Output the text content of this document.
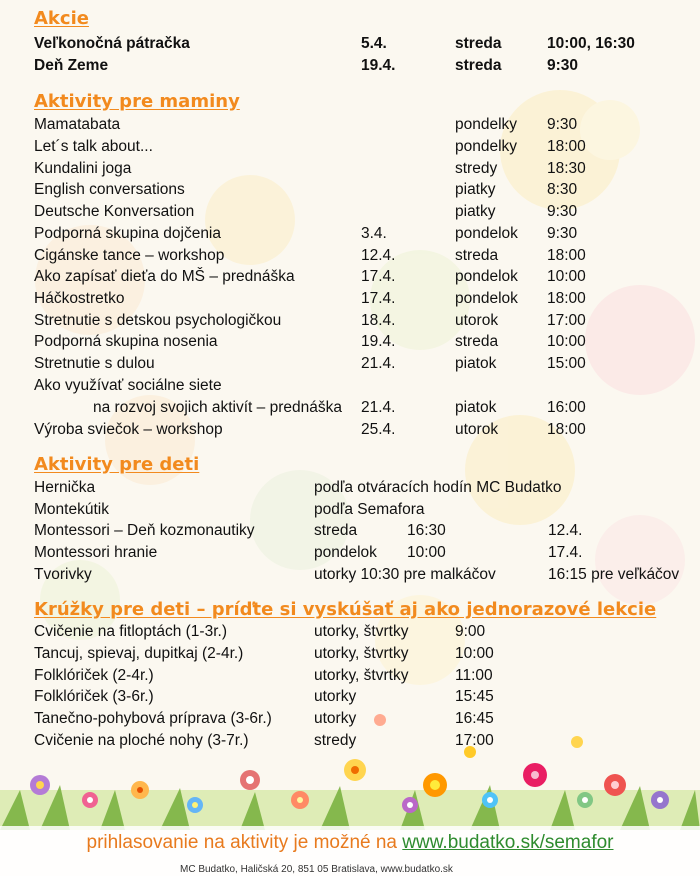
Akcie
Veľkonočná pátračka	5.4.	streda	10:00, 16:30
Deň Zeme	19.4.	streda	9:30
Aktivity pre maminy
Mamatabata	pondelky 9:30
Let´s talk about...	pondelky 18:00
Kundalini joga	stredy	18:30
English conversations	piatky	8:30
Deutsche Konversation	piatky	9:30
Podporná skupina dojčenia	3.4.	pondelok 9:30
Cigánske tance – workshop	12.4.	streda	18:00
Ako zapísať dieťa do MŠ – prednáška	17.4.	pondelok 10:00
Háčkostretko	17.4.	pondelok 18:00
Stretnutie s detskou psychologičkou	18.4.	utorok	17:00
Podporná skupina nosenia	19.4.	streda	10:00
Stretnutie s dulou	21.4.	piatok	15:00
Ako využívať sociálne siete
na rozvoj svojich aktivít – prednáška 21.4.	piatok	16:00
Výroba sviečok – workshop	25.4.	utorok	18:00
Aktivity pre deti
Hernička	podľa otváracích hodín MC Budatko
Montekútik	podľa Semafora
Montessori – Deň kozmonautiky	streda	16:30	12.4.
Montessori hranie	pondelok 10:00	17.4.
Tvorivky	utorky 10:30 pre malkáčov	16:15 pre veľkáčov
Krúžky pre deti – príďte si vyskúšať aj ako jednorazové lekcie
Cvičenie na fitloptách (1-3r.)	utorky, štvrtky	9:00
Tancuj, spievaj, dupitkaj (2-4r.)	utorky, štvrtky	10:00
Folklóriček (2-4r.)	utorky, štvrtky	11:00
Folklóriček (3-6r.)	utorky	15:45
Tanečno-pohybová príprava (3-6r.)	utorky	16:45
Cvičenie na ploché nohy (3-7r.)	stredy	17:00
prihlasovanie na aktivity je možné na www.budatko.sk/semafor
MC Budatko, Haličská 20, 851 05 Bratislava, www.budatko.sk
